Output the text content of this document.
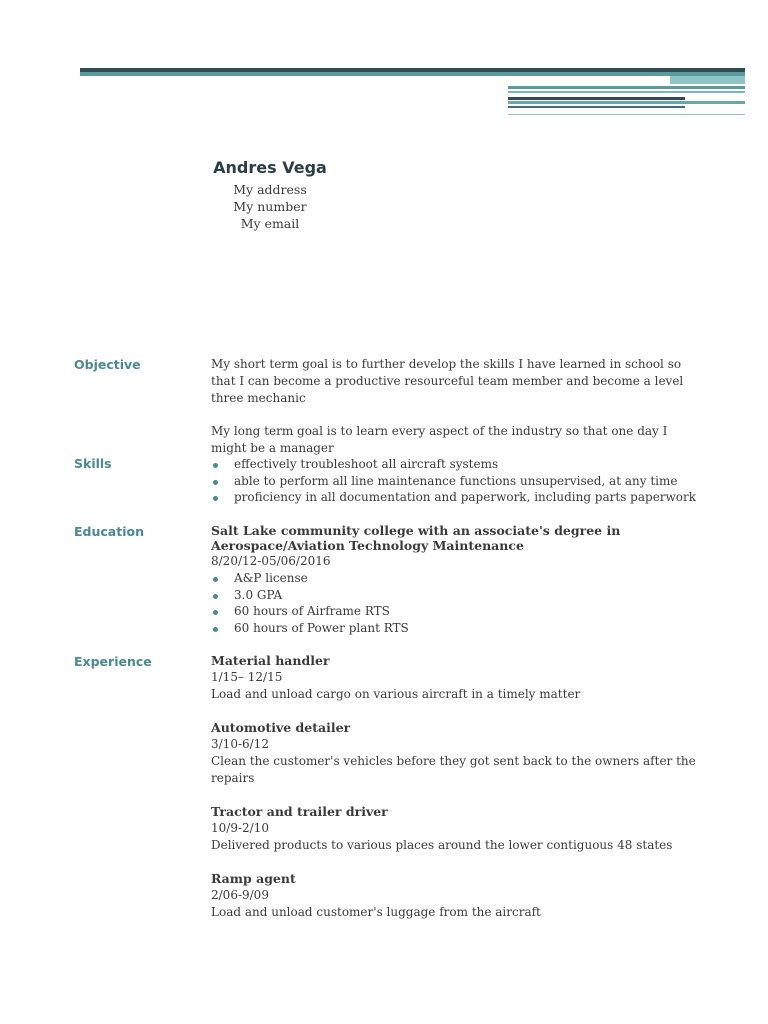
Andres Vega
My address
My number
My email
Objective	My short term goal is to further develop the skills I have learned in school so that I can become a productive resourceful team member and become a level three mechanic

My long term goal is to learn every aspect of the industry so that one day I might be a manager

Skills	effectively troubleshoot all aircraft systems
able to perform all line maintenance functions unsupervised, at any time
proficiency in all documentation and paperwork, including parts paperwork
Education	Salt Lake community college with an associate's degree in Aerospace/Aviation Technology Maintenance
8/20/12-05/06/2016
A&P license
3.0 GPA
60 hours of Airframe RTS
60 hours of Power plant RTS
Experience	Material handler
1/15– 12/15
Load and unload cargo on various aircraft in a timely matter
Automotive detailer
3/10-6/12
Clean the customer's vehicles before they got sent back to the owners after the repairs
Tractor and trailer driver
10/9-2/10
Delivered products to various places around the lower contiguous 48 states
Ramp agent
2/06-9/09
Load and unload customer's luggage from the aircraft
